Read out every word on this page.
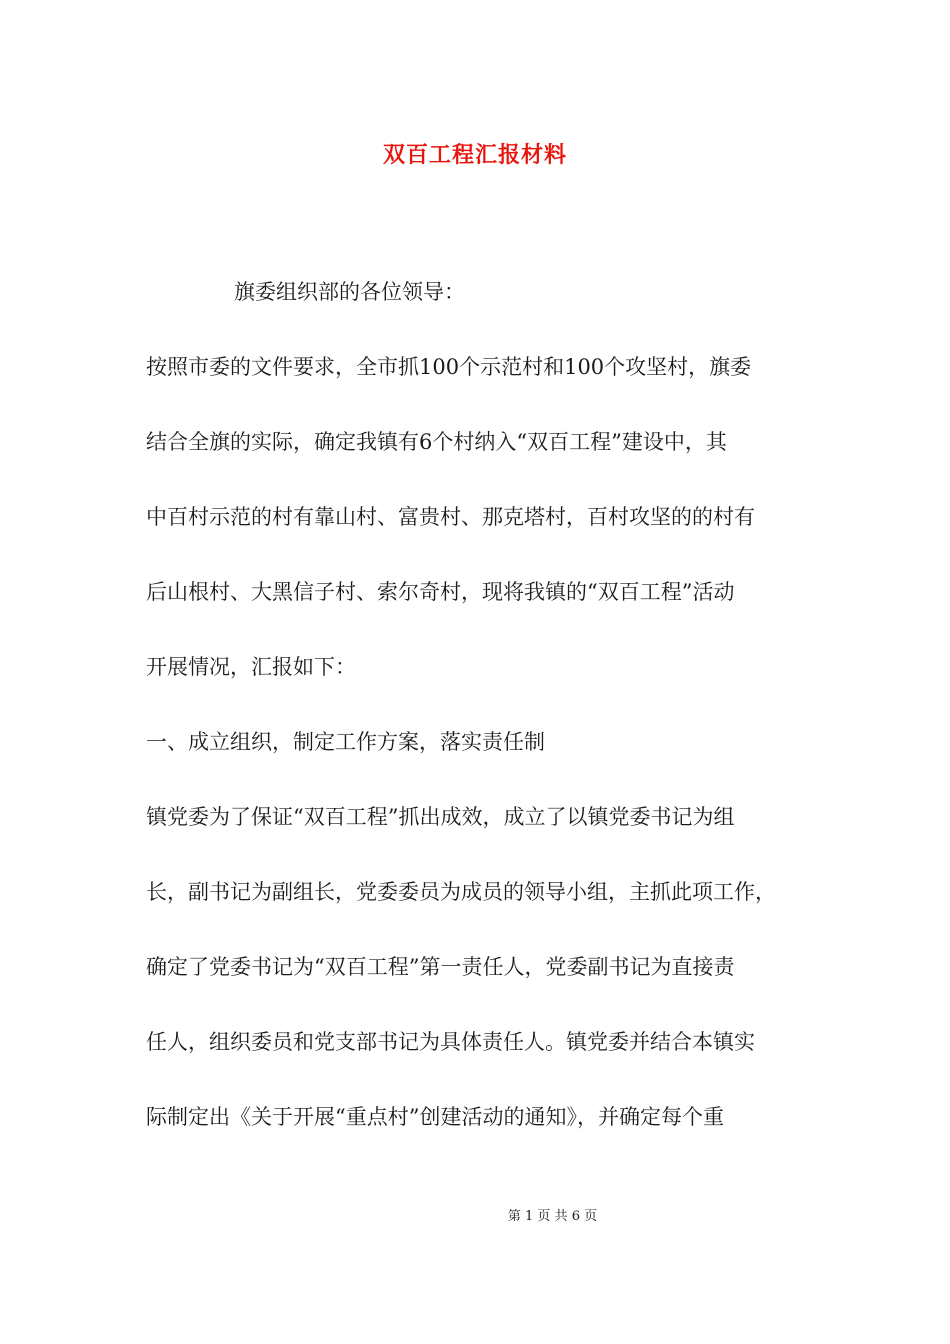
双百工程汇报材料
旗委组织部的各位领导：
按照市委的文件要求，全市抓100个示范村和100个攻坚村，旗委
结合全旗的实际，确定我镇有6个村纳入“双百工程”建设中，其
中百村示范的村有靠山村、富贵村、那克塔村，百村攻坚的的村有
后山根村、大黑信子村、索尔奇村，现将我镇的“双百工程”活动
开展情况，汇报如下：
一、成立组织，制定工作方案，落实责任制
镇党委为了保证“双百工程”抓出成效，成立了以镇党委书记为组
长，副书记为副组长，党委委员为成员的领导小组，主抓此项工作，
确定了党委书记为“双百工程”第一责任人，党委副书记为直接责
任人，组织委员和党支部书记为具体责任人。镇党委并结合本镇实
际制定出《关于开展“重点村”创建活动的通知》，并确定每个重
第 1 页 共 6 页
